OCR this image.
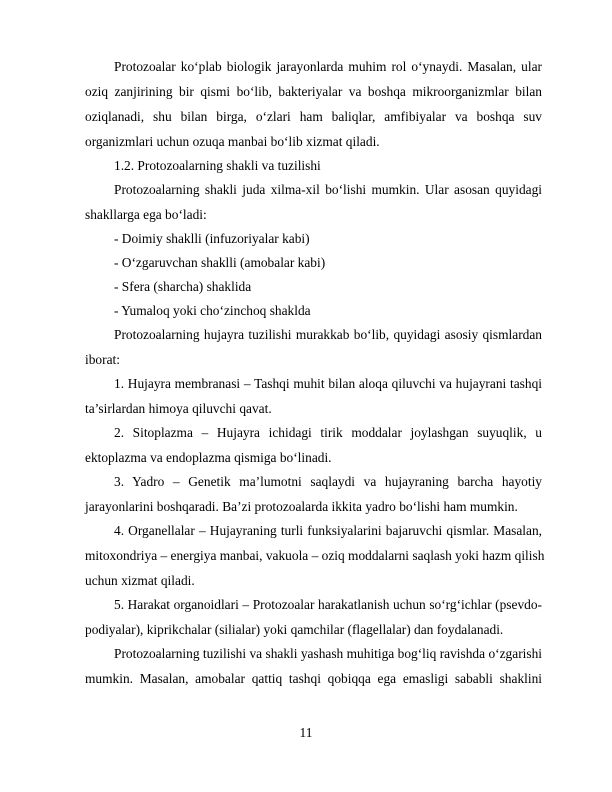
Protozoalar ko‘plab biologik jarayonlarda muhim rol o‘ynaydi. Masalan, ular
oziq zanjirining bir qismi bo‘lib, bakteriyalar va boshqa mikroorganizmlar bilan
oziqlanadi, shu bilan birga, o‘zlari ham baliqlar, amfibiyalar va boshqa suv
organizmlari uchun ozuqa manbai bo‘lib xizmat qiladi.
1.2. Protozoalarning shakli va tuzilishi
Protozoalarning shakli juda xilma-xil bo‘lishi mumkin. Ular asosan quyidagi
shakllarga ega bo‘ladi:
- Doimiy shaklli (infuzoriyalar kabi)
- O‘zgaruvchan shaklli (amobalar kabi)
- Sfera (sharcha) shaklida
- Yumaloq yoki cho‘zinchoq shaklda
Protozoalarning hujayra tuzilishi murakkab bo‘lib, quyidagi asosiy qismlardan
iborat:
1. Hujayra membranasi – Tashqi muhit bilan aloqa qiluvchi va hujayrani tashqi
ta’sirlardan himoya qiluvchi qavat.
2. Sitoplazma – Hujayra ichidagi tirik moddalar joylashgan suyuqlik, u
ektoplazma va endoplazma qismiga bo‘linadi.
3. Yadro – Genetik ma’lumotni saqlaydi va hujayraning barcha hayotiy
jarayonlarini boshqaradi. Ba’zi protozoalarda ikkita yadro bo‘lishi ham mumkin.
4. Organellalar – Hujayraning turli funksiyalarini bajaruvchi qismlar. Masalan,
mitoxondriya – energiya manbai, vakuola – oziq moddalarni saqlash yoki hazm qilish
uchun xizmat qiladi.
5. Harakat organoidlari – Protozoalar harakatlanish uchun so‘rg‘ichlar (psevdo-
podiyalar), kiprikchalar (silialar) yoki qamchilar (flagellalar) dan foydalanadi.
Protozoalarning tuzilishi va shakli yashash muhitiga bog‘liq ravishda o‘zgarishi
mumkin. Masalan, amobalar qattiq tashqi qobiqqa ega emasligi sababli shaklini
11
